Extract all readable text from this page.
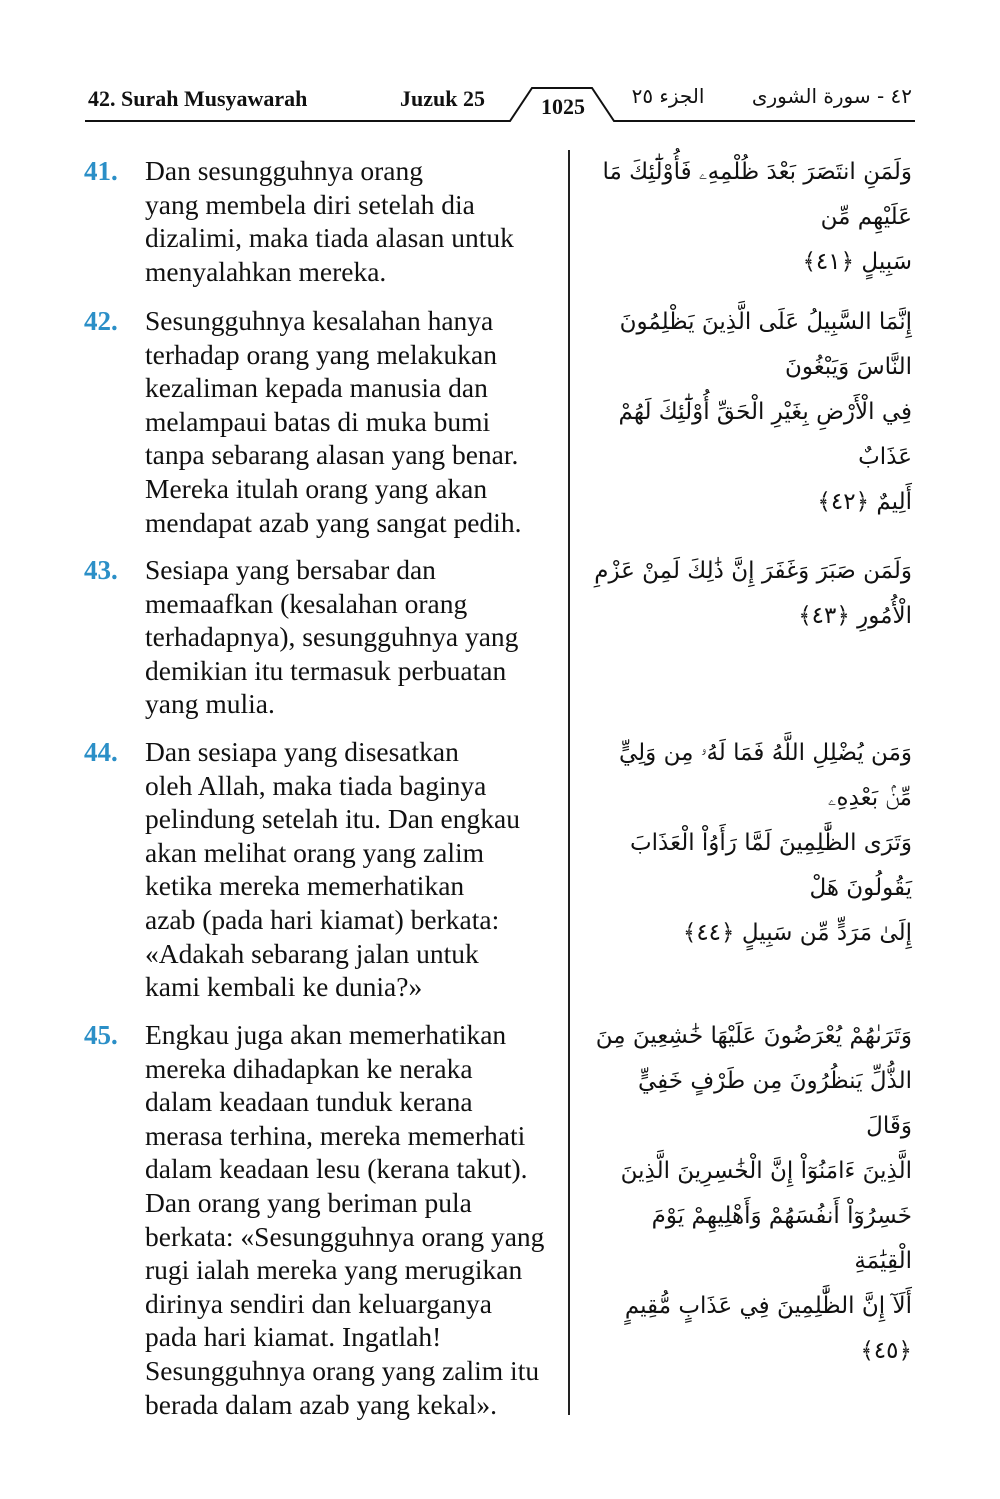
42. Surah Musyawarah	Juzuk 25	1025	الجزء ٢٥	٤٢ - سورة الشورى
41. Dan sesungguhnya orang
yang membela diri setelah dia
dizalimi, maka tiada alasan untuk
menyalahkan mereka.

وَلَمَنِ انتَصَرَ بَعْدَ ظُلْمِهِۦ فَأُوْلَٰٓئِكَ مَا عَلَيْهِم مِّن
سَبِيلٍ ﴿٤١﴾
42. Sesungguhnya kesalahan hanya
terhadap orang yang melakukan
kezaliman kepada manusia dan
melampaui batas di muka bumi
tanpa sebarang alasan yang benar.
Mereka itulah orang yang akan
mendapat azab yang sangat pedih.

إِنَّمَا السَّبِيلُ عَلَى الَّذِينَ يَظْلِمُونَ النَّاسَ وَيَبْغُونَ
فِي الْأَرْضِ بِغَيْرِ الْحَقِّ أُوْلَٰٓئِكَ لَهُمْ عَذَابٌ
أَلِيمٌ ﴿٤٢﴾
43. Sesiapa yang bersabar dan
memaafkan (kesalahan orang
terhadapnya), sesungguhnya yang
demikian itu termasuk perbuatan
yang mulia.

وَلَمَن صَبَرَ وَغَفَرَ إِنَّ ذَٰلِكَ لَمِنْ عَزْمِ
الْأُمُورِ ﴿٤٣﴾
44. Dan sesiapa yang disesatkan
oleh Allah, maka tiada baginya
pelindung setelah itu. Dan engkau
akan melihat orang yang zalim
ketika mereka memerhatikan
azab (pada hari kiamat) berkata:
«Adakah sebarang jalan untuk
kami kembali ke dunia?»

وَمَن يُضْلِلِ اللَّهُ فَمَا لَهُۥ مِن وَلِيٍّ مِّنۢ بَعْدِهِۦ
وَتَرَى الظَّٰلِمِينَ لَمَّا رَأَوُاْ الْعَذَابَ يَقُولُونَ هَلْ
إِلَىٰ مَرَدٍّ مِّن سَبِيلٍ ﴿٤٤﴾
45. Engkau juga akan memerhatikan
mereka dihadapkan ke neraka
dalam keadaan tunduk kerana
merasa terhina, mereka memerhati
dalam keadaan lesu (kerana takut).
Dan orang yang beriman pula
berkata: «Sesungguhnya orang yang
rugi ialah mereka yang merugikan
dirinya sendiri dan keluarganya
pada hari kiamat. Ingatlah!
Sesungguhnya orang yang zalim itu
berada dalam azab yang kekal».

وَتَرَىٰهُمْ يُعْرَضُونَ عَلَيْهَا خَٰشِعِينَ مِنَ
الذُّلِّ يَنظُرُونَ مِن طَرْفٍ خَفِيٍّ وَقَالَ
الَّذِينَ ءَامَنُوٓاْ إِنَّ الْخَٰسِرِينَ الَّذِينَ
خَسِرُوٓاْ أَنفُسَهُمْ وَأَهْلِيهِمْ يَوْمَ الْقِيَٰمَةِ
أَلَآ إِنَّ الظَّٰلِمِينَ فِي عَذَابٍ مُّقِيمٍ ﴿٤٥﴾
